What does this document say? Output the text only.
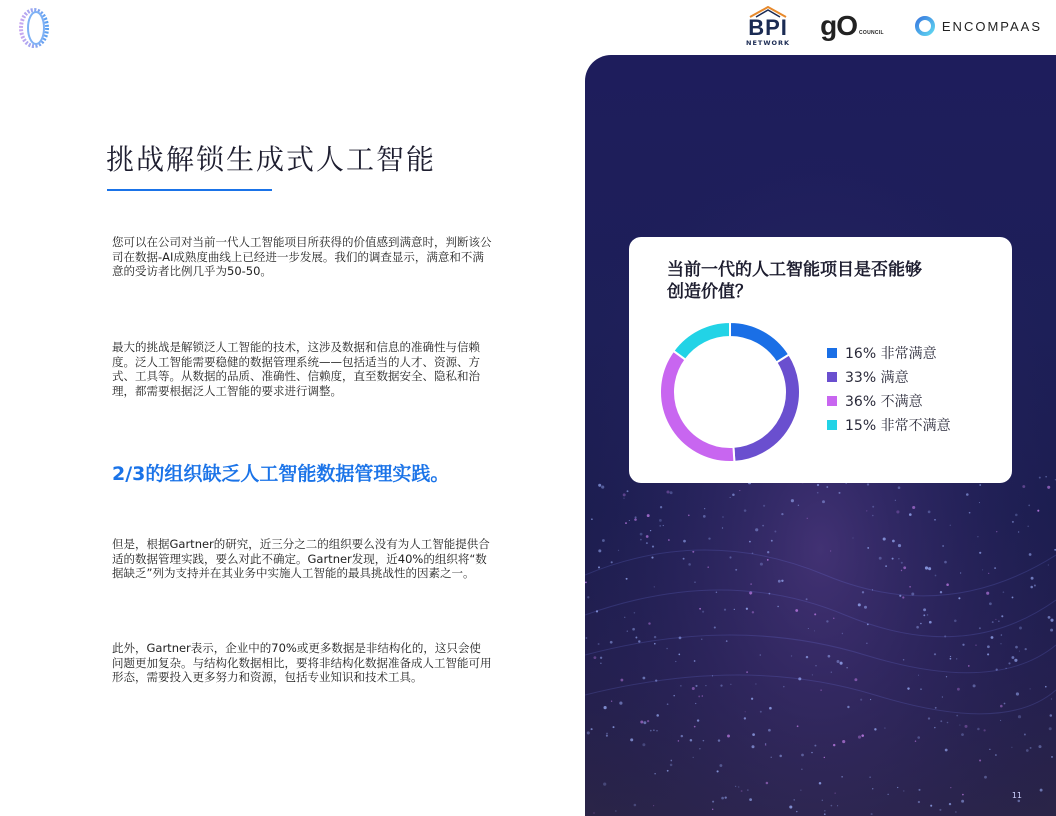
BPI
NETWORK
gO COUNCIL	ENCOMPAAS
挑战解锁生成式人工智能

您可以在公司对当前一代人工智能项目所获得的价值感到满意时，判断该公司在数据-AI成熟度曲线上已经进一步发展。我们的调查显示，满意和不满意的受访者比例几乎为50-50。

最大的挑战是解锁泛人工智能的技术，这涉及数据和信息的准确性与信赖度。泛人工智能需要稳健的数据管理系统——包括适当的人才、资源、方式、工具等。从数据的品质、准确性、信赖度，直至数据安全、隐私和治理，都需要根据泛人工智能的要求进行调整。

2/3的组织缺乏人工智能数据管理实践。

但是，根据Gartner的研究，近三分之二的组织要么没有为人工智能提供合适的数据管理实践，要么对此不确定。Gartner发现，近40%的组织将“数据缺乏”列为支持并在其业务中实施人工智能的最具挑战性的因素之一。

此外，Gartner表示，企业中的70%或更多数据是非结构化的，这只会使问题更加复杂。与结构化数据相比，要将非结构化数据准备成人工智能可用形态，需要投入更多努力和资源，包括专业知识和技术工具。

11
当前一代的人工智能项目是否能够创造价值？
16% 非常满意
33% 满意
36% 不满意
15% 非常不满意
